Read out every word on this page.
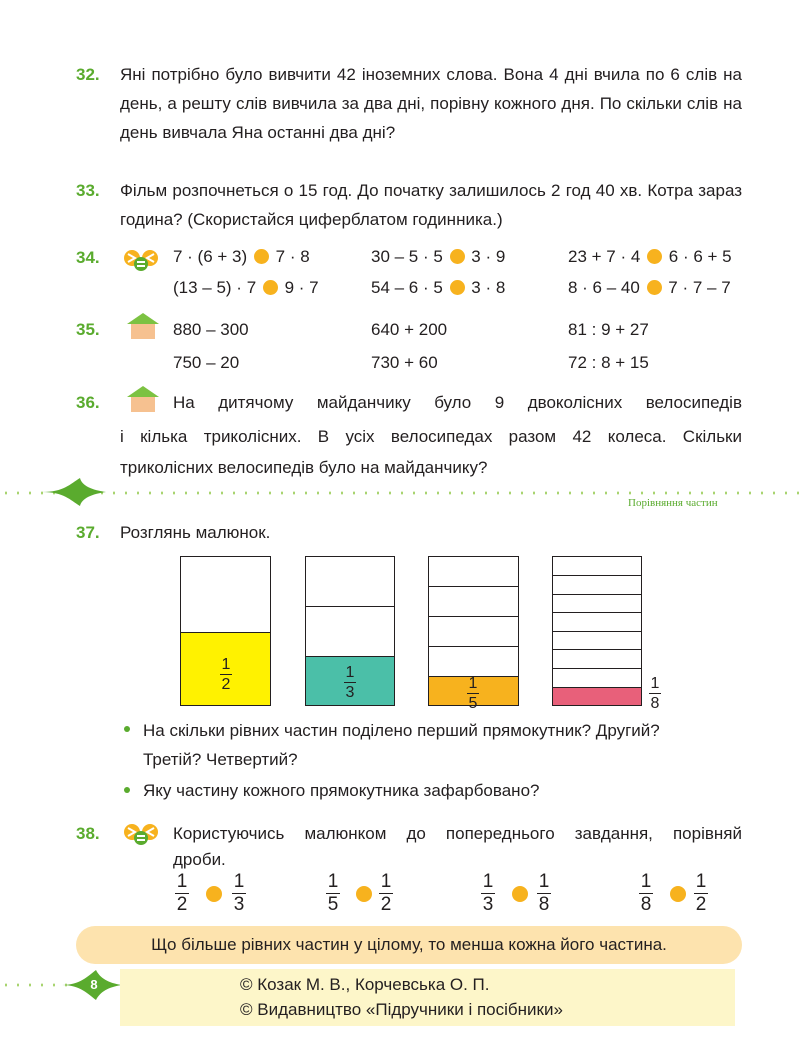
32. Яні потрібно було вивчити 42 іноземних слова. Вона 4 дні вчила по 6 слів на день, а решту слів вивчила за два дні, порівну кожного дня. По скільки слів на день вивчала Яна останні два дні?
33. Фільм розпочнеться о 15 год. До початку залишилось 2 год 40 хв. Котра зараз година? (Скористайся циферблатом годинника.)
34.	7 · (6 + 3) 7 · 8	30 – 5 · 5 3 · 9	23 + 7 · 4 6 · 6 + 5
(13 – 5) · 7 9 · 7	54 – 6 · 5 3 · 8	8 · 6 – 40 7 · 7 – 7
35.	880 – 300	640 + 200	81 : 9 + 27
750 – 20	730 + 60	72 : 8 + 15
36.	На дитячому майданчику було 9 двоколісних велосипедів
і кілька триколісних. В усіх велосипедах разом 42 колеса. Скільки
триколісних велосипедів було на майданчику?
Порівняння частин
37. Розглянь малюнок.
1
2
1
3
1
5
1
8
На скільки рівних частин поділено перший прямокутник? Другий?
Третій? Четвертий?
Яку частину кожного прямокутника зафарбовано?
38.	Користуючись малюнком до попереднього завдання, порівняй
дроби.
1
2
1
3
1
5
1
2
1
3
1
8
1
8
1
2
Що більше рівних частин у цілому, то менша кожна його частина.
8	© Козак М. В., Корчевська О. П.
© Видавництво «Підручники і посібники»
